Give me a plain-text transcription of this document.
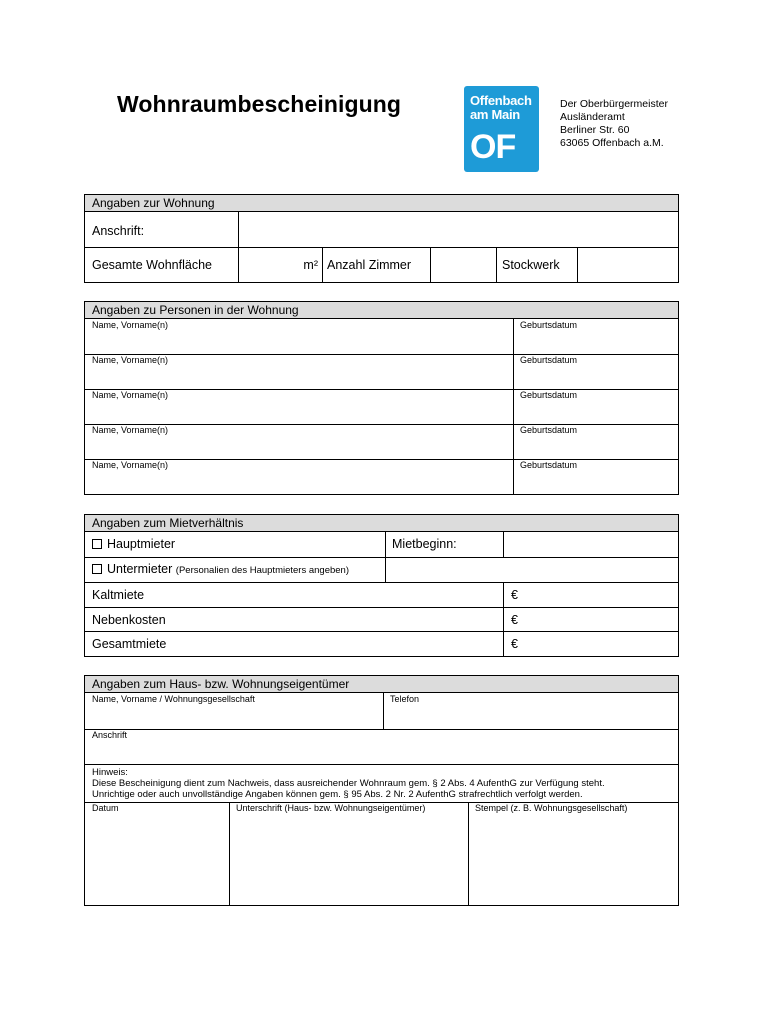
Wohnraumbescheinigung	Offenbach
am Main
OF
Der Oberbürgermeister
Ausländeramt
Berliner Str. 60
63065 Offenbach a.M.
Angaben zur Wohnung
Anschrift:
Gesamte Wohnfläche	m² Anzahl Zimmer	Stockwerk
Angaben zu Personen in der Wohnung
Name, Vorname(n)	Geburtsdatum
Name, Vorname(n)	Geburtsdatum
Name, Vorname(n)	Geburtsdatum
Name, Vorname(n)	Geburtsdatum
Name, Vorname(n)	Geburtsdatum
Angaben zum Mietverhältnis
Hauptmieter	Mietbeginn:
Untermieter (Personalien des Hauptmieters angeben)
Kaltmiete	€
Nebenkosten	€
Gesamtmiete	€
Angaben zum Haus- bzw. Wohnungseigentümer
Name, Vorname / Wohnungsgesellschaft	Telefon
Anschrift
Hinweis:
Diese Bescheinigung dient zum Nachweis, dass ausreichender Wohnraum gem. § 2 Abs. 4 AufenthG zur Verfügung steht.
Unrichtige oder auch unvollständige Angaben können gem. § 95 Abs. 2 Nr. 2 AufenthG strafrechtlich verfolgt werden.
Datum	Unterschrift (Haus- bzw. Wohnungseigentümer)	Stempel (z. B. Wohnungsgesellschaft)
